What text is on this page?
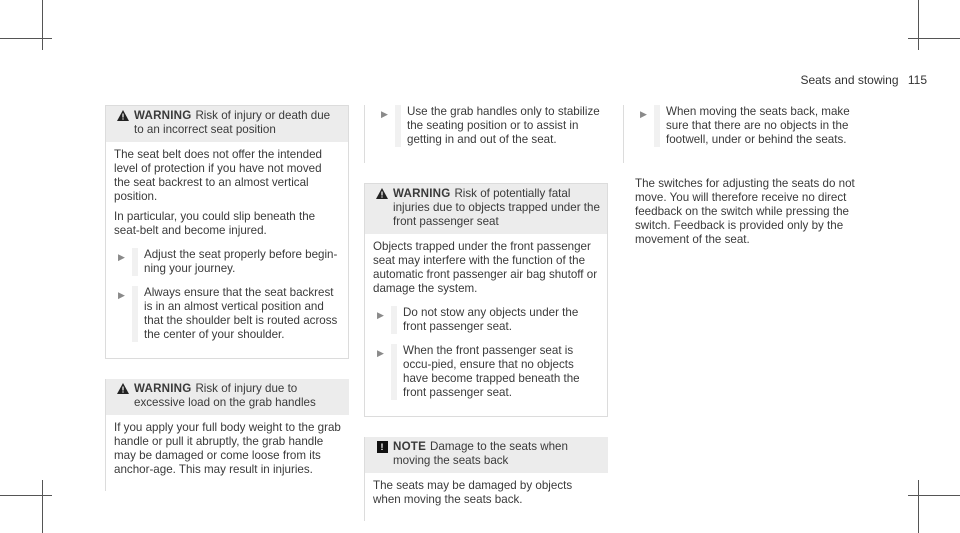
Seats and stowing 115
WARNING Risk of injury or death due to an incorrect seat position

The seat belt does not offer the intended level of protection if you have not moved the seat backrest to an almost vertical position.

In particular, you could slip beneath the seat-belt and become injured.

▶	Adjust the seat properly before begin-ning your journey.
▶	Always ensure that the seat backrest is in an almost vertical position and that the shoulder belt is routed across the center of your shoulder.
WARNING Risk of injury due to excessive load on the grab handles

If you apply your full body weight to the grab handle or pull it abruptly, the grab handle may be damaged or come loose from its anchor-age. This may result in injuries.

▶	Use the grab handles only to stabilize the seating position or to assist in getting in and out of the seat.
WARNING Risk of potentially fatal injuries due to objects trapped under the front passenger seat

Objects trapped under the front passenger seat may interfere with the function of the automatic front passenger air bag shutoff or damage the system.

▶	Do not stow any objects under the front passenger seat.
▶	When the front passenger seat is occu-pied, ensure that no objects have become trapped beneath the front passenger seat.
! NOTE Damage to the seats when moving the seats back

The seats may be damaged by objects when moving the seats back.

▶	When moving the seats back, make sure that there are no objects in the footwell, under or behind the seats.

The switches for adjusting the seats do not move. You will therefore receive no direct feedback on the switch while pressing the switch. Feedback is provided only by the movement of the seat.
